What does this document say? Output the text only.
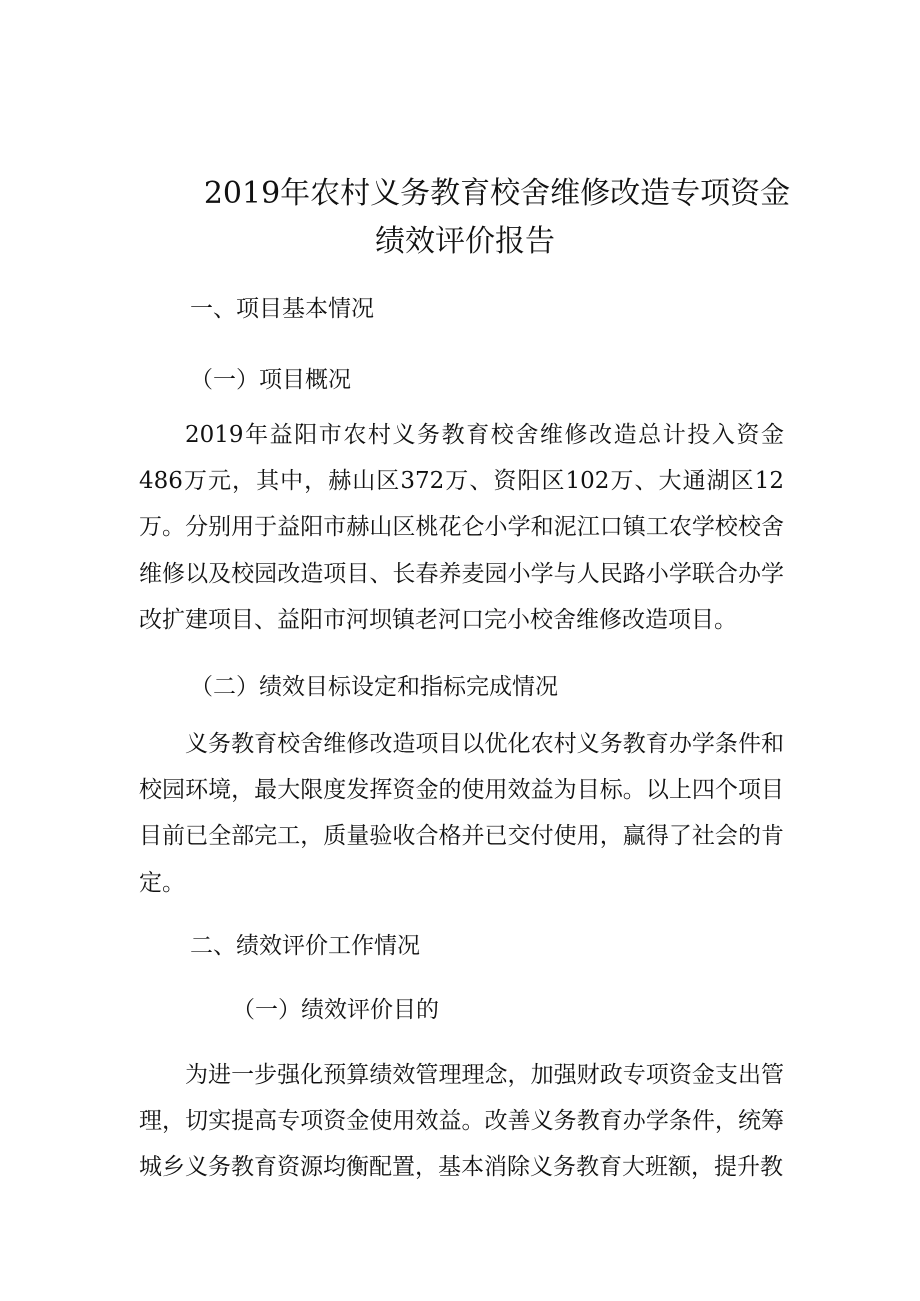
2019年农村义务教育校舍维修改造专项资金
绩效评价报告
一、项目基本情况
（一）项目概况
2019年益阳市农村义务教育校舍维修改造总计投入资金486万元，其中，赫山区372万、资阳区102万、大通湖区12万。分别用于益阳市赫山区桃花仑小学和泥江口镇工农学校校舍维修以及校园改造项目、长春养麦园小学与人民路小学联合办学改扩建项目、益阳市河坝镇老河口完小校舍维修改造项目。
（二）绩效目标设定和指标完成情况
义务教育校舍维修改造项目以优化农村义务教育办学条件和校园环境，最大限度发挥资金的使用效益为目标。以上四个项目目前已全部完工，质量验收合格并已交付使用，赢得了社会的肯定。
二、绩效评价工作情况
（一）绩效评价目的
为进一步强化预算绩效管理理念，加强财政专项资金支出管理，切实提高专项资金使用效益。改善义务教育办学条件，统筹城乡义务教育资源均衡配置，基本消除义务教育大班额，提升教
